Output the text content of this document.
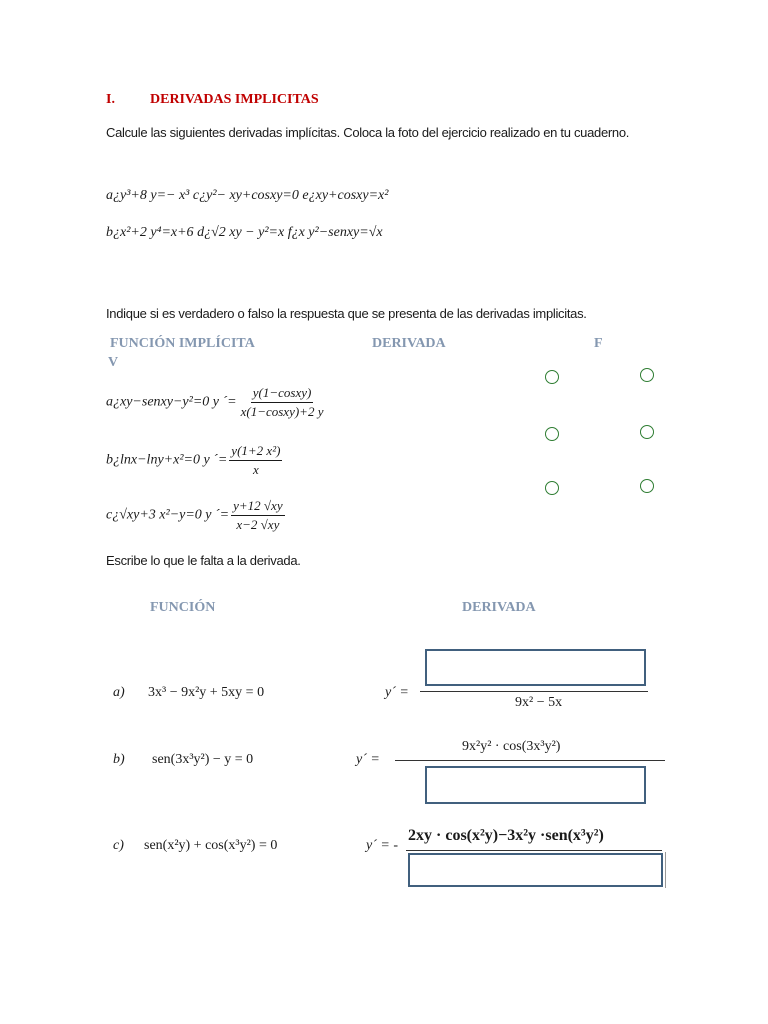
I.	DERIVADAS IMPLICITAS
Calcule las siguientes derivadas implícitas. Coloca la foto del ejercicio realizado en tu cuaderno.
a¿y³+8 y=− x³ c¿y²− xy+cosxy=0 e¿xy+cosxy=x²
b¿x²+2 y⁴=x+6 d¿√2 xy − y²=x f¿x y²−senxy=√x
Indique si es verdadero o falso la respuesta que se presenta de las derivadas implicitas.
FUNCIÓN IMPLÍCITA	DERIVADA	F
V
a¿xy−senxy−y²=0 y ´= $\frac{\text{y(1−cosxy)}}{\text{x(1−cosxy)+2 y}}$
b¿lnx−lny+x²=0 y ´= $\frac{\text{y(1+2 x²)}}{x}$
c¿√xy+3 x²−y=0 y ´= $\frac{y+12 √xy}{x-2 √xy}$
Escribe lo que le falta a la derivada.
FUNCIÓN	DERIVADA
a) 3x³ − 9x²y + 5xy = 0	y´ =
9x² − 5x
b) sen(3x³y²) − y = 0	y´ =
9x²y² · cos(3x³y²)
c) sen(x²y) + cos(x³y²) = 0	y´ = -
2xy · cos(x²y)−3x²y ·sen(x³y²)
